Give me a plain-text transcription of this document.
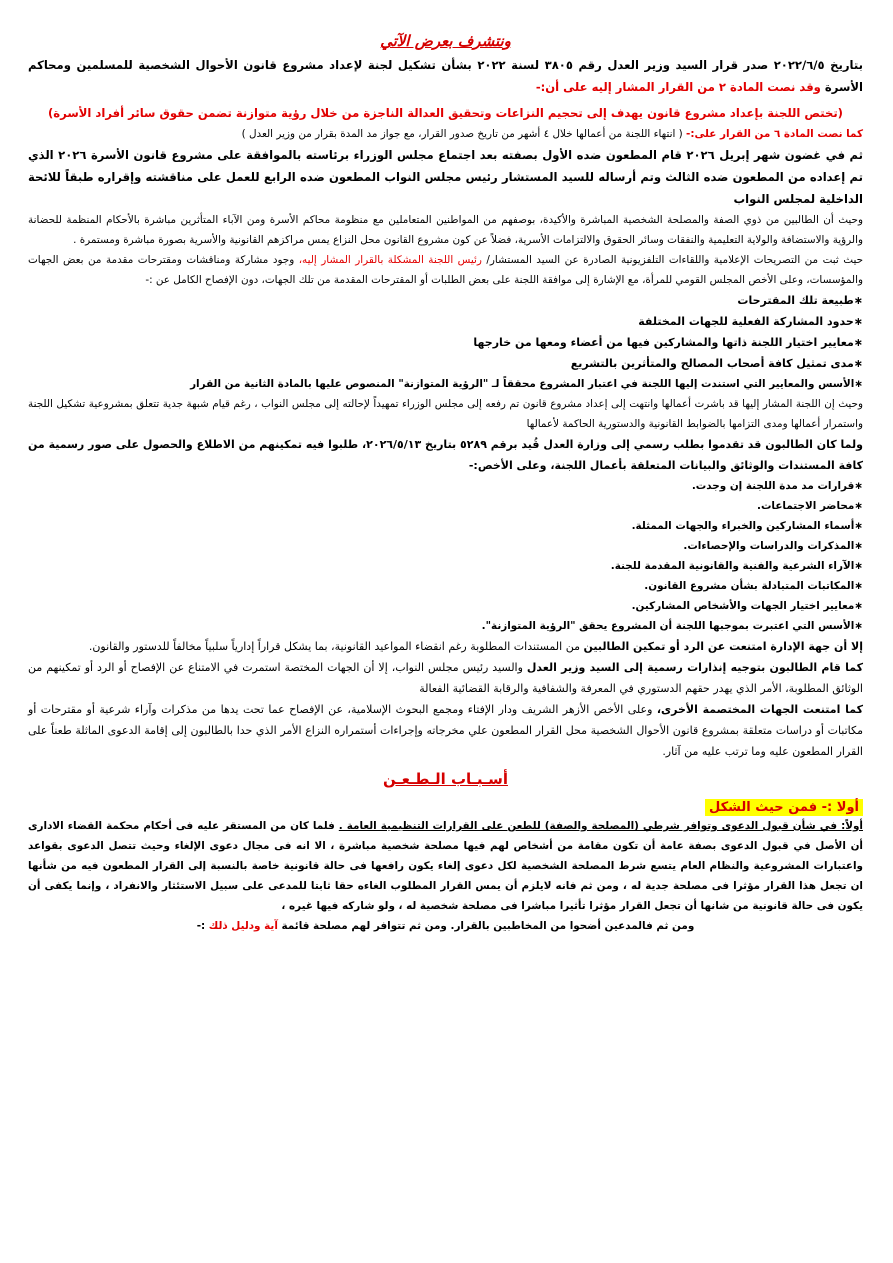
ونتشرف بعرض الآتي

بتاريخ ٢٠٢٢/٦/٥ صدر قرار السيد وزير العدل رقم ٣٨٠٥ لسنة ٢٠٢٢ بشأن تشكيل لجنة لإعداد مشروع قانون الأحوال الشخصية للمسلمين ومحاكم الأسرة وقد نصت المادة ٢ من القرار المشار إليه على أن:-

(تختص اللجنة بإعداد مشروع قانون يهدف إلى تحجيم النزاعات وتحقيق العدالة الناجزة من خلال رؤية متوازنة تضمن حقوق سائر أفراد الأسرة)

كما نصت المادة ٦ من القرار على:- ( انتهاء اللجنة من أعمالها خلال ٤ أشهر من تاريخ صدور القرار، مع جواز مد المدة بقرار من وزير العدل )

ثم في غضون شهر إبريل ٢٠٢٦ قام المطعون ضده الأول بصفته بعد اجتماع مجلس الوزراء برئاسته بالموافقة على مشروع قانون الأسرة ٢٠٢٦ الذي تم إعداده من المطعون ضده الثالث وتم أرساله للسيد المستشار رئيس مجلس النواب المطعون ضده الرابع للعمل على مناقشته وإقراره طبقاً للائحة الداخلية لمجلس النواب

وحيث أن الطالبين من ذوي الصفة والمصلحة الشخصية المباشرة والأكيدة، بوصفهم من المواطنين المتعاملين مع منظومة محاكم الأسرة ومن الآباء المتأثرين مباشرة بالأحكام المنظمة للحضانة والرؤية والاستضافة والولاية التعليمية والنفقات وسائر الحقوق والالتزامات الأسرية، فضلاً عن كون مشروع القانون محل النزاع يمس مراكزهم القانونية والأسرية بصورة مباشرة ومستمرة .

حيث ثبت من التصريحات الإعلامية واللقاءات التلفزيونية الصادرة عن السيد المستشار/ رئيس اللجنة المشكلة بالقرار المشار إليه، وجود مشاركة ومناقشات ومقترحات مقدمة من بعض الجهات والمؤسسات، وعلى الأخص المجلس القومي للمرأة، مع الإشارة إلى موافقة اللجنة على بعض الطلبات أو المقترحات المقدمة من تلك الجهات، دون الإفصاح الكامل عن :-

∗ طبيعة تلك المقترحات

∗ حدود المشاركة الفعلية للجهات المختلفة

∗ معايير اختيار اللجنة ذاتها والمشاركين فيها من أعضاء ومعها من خارجها

∗ مدى تمثيل كافة أصحاب المصالح والمتأثرين بالتشريع

∗ الأسس والمعايير التي استندت إليها اللجنة في اعتبار المشروع محققاً لـ "الرؤية المتوازنة" المنصوص عليها بالمادة الثانية من القرار

وحيث إن اللجنة المشار إليها قد باشرت أعمالها وانتهت إلى إعداد مشروع قانون تم رفعه إلى مجلس الوزراء تمهيداً لإحالته إلى مجلس النواب ، رغم قيام شبهة جدية تتعلق بمشروعية تشكيل اللجنة واستمرار أعمالها ومدى التزامها بالضوابط القانونية والدستورية الحاكمة لأعمالها

ولما كان الطالبون قد تقدموا بطلب رسمي إلى وزارة العدل قُيد برقم ٥٢٨٩ بتاريخ ٢٠٢٦/٥/١٣، طلبوا فيه تمكينهم من الاطلاع والحصول على صور رسمية من كافة المستندات والوثائق والبيانات المتعلقة بأعمال اللجنة، وعلى الأخص:-

∗ قرارات مد مدة اللجنة إن وجدت.

∗ محاضر الاجتماعات.

∗ أسماء المشاركين والخبراء والجهات الممثلة.

∗ المذكرات والدراسات والإحصاءات.

∗ الآراء الشرعية والفنية والقانونية المقدمة للجنة.

∗ المكاتبات المتبادلة بشأن مشروع القانون.

∗ معايير اختيار الجهات والأشخاص المشاركين.

∗ الأسس التي اعتبرت بموجبها اللجنة أن المشروع يحقق "الرؤية المتوازنة".

إلا أن جهة الإدارة امتنعت عن الرد أو تمكين الطالبين من المستندات المطلوبة رغم انقضاء المواعيد القانونية، بما يشكل قراراً إدارياً سلبياً مخالفاً للدستور والقانون.

كما قام الطالبون بتوجيه إنذارات رسمية إلى السيد وزير العدل والسيد رئيس مجلس النواب، إلا أن الجهات المختصة استمرت في الامتناع عن الإفصاح أو الرد أو تمكينهم من الوثائق المطلوبة، الأمر الذي يهدر حقهم الدستوري في المعرفة والشفافية والرقابة القضائية الفعالة

كما امتنعت الجهات المختصمة الأخرى، وعلى الأخص الأزهر الشريف ودار الإفتاء ومجمع البحوث الإسلامية، عن الإفصاح عما تحت يدها من مذكرات وآراء شرعية أو مقترحات أو مكاتبات أو دراسات متعلقة بمشروع قانون الأحوال الشخصية محل القرار المطعون علي مخرجاته وإجراءات أستمراره النزاع الأمر الذي حدا بالطالبون إلى إقامة الدعوى الماثلة طعناً على القرار المطعون عليه وما ترتب عليه من آثار.

أسـبـاب الـطـعـن
أولا :- فمن حيث الشكل

أولاً: في شأن قبول الدعوى وتوافر شرطي (المصلحة والصفة) للطعن على القرارات التنظيمية العامة . فلما كان من المستقر عليه فى أحكام محكمة القضاء الادارى أن الأصل في قبول الدعوى بصفة عامة أن تكون مقامة من أشخاص لهم فيها مصلحة شخصية مباشرة ، الا انه فى مجال دعوى الإلغاء وحيث تتصل الدعوى بقواعد واعتبارات المشروعية والنظام العام يتسع شرط المصلحة الشخصية لكل دعوى إلغاء يكون رافعها فى حالة قانونية خاصة بالنسبة إلى القرار المطعون فيه من شأنها ان تجعل هذا القرار مؤثرا فى مصلحة جدية له ، ومن ثم فانه لايلزم أن يمس القرار المطلوب الغاءه حقا ثابتا للمدعى على سبيل الاستئثار والانفراد ، وإنما يكفى أن يكون فى حالة قانونية من شانها أن تجعل القرار مؤثرا تأثيرا مباشرا فى مصلحة شخصية له ، ولو شاركه فيها غيره ،

ومن ثم فالمدعين أضحوا من المخاطبين بالقرار. ومن ثم تتوافر لهم مصلحة قائمة آية ودليل ذلك :-
